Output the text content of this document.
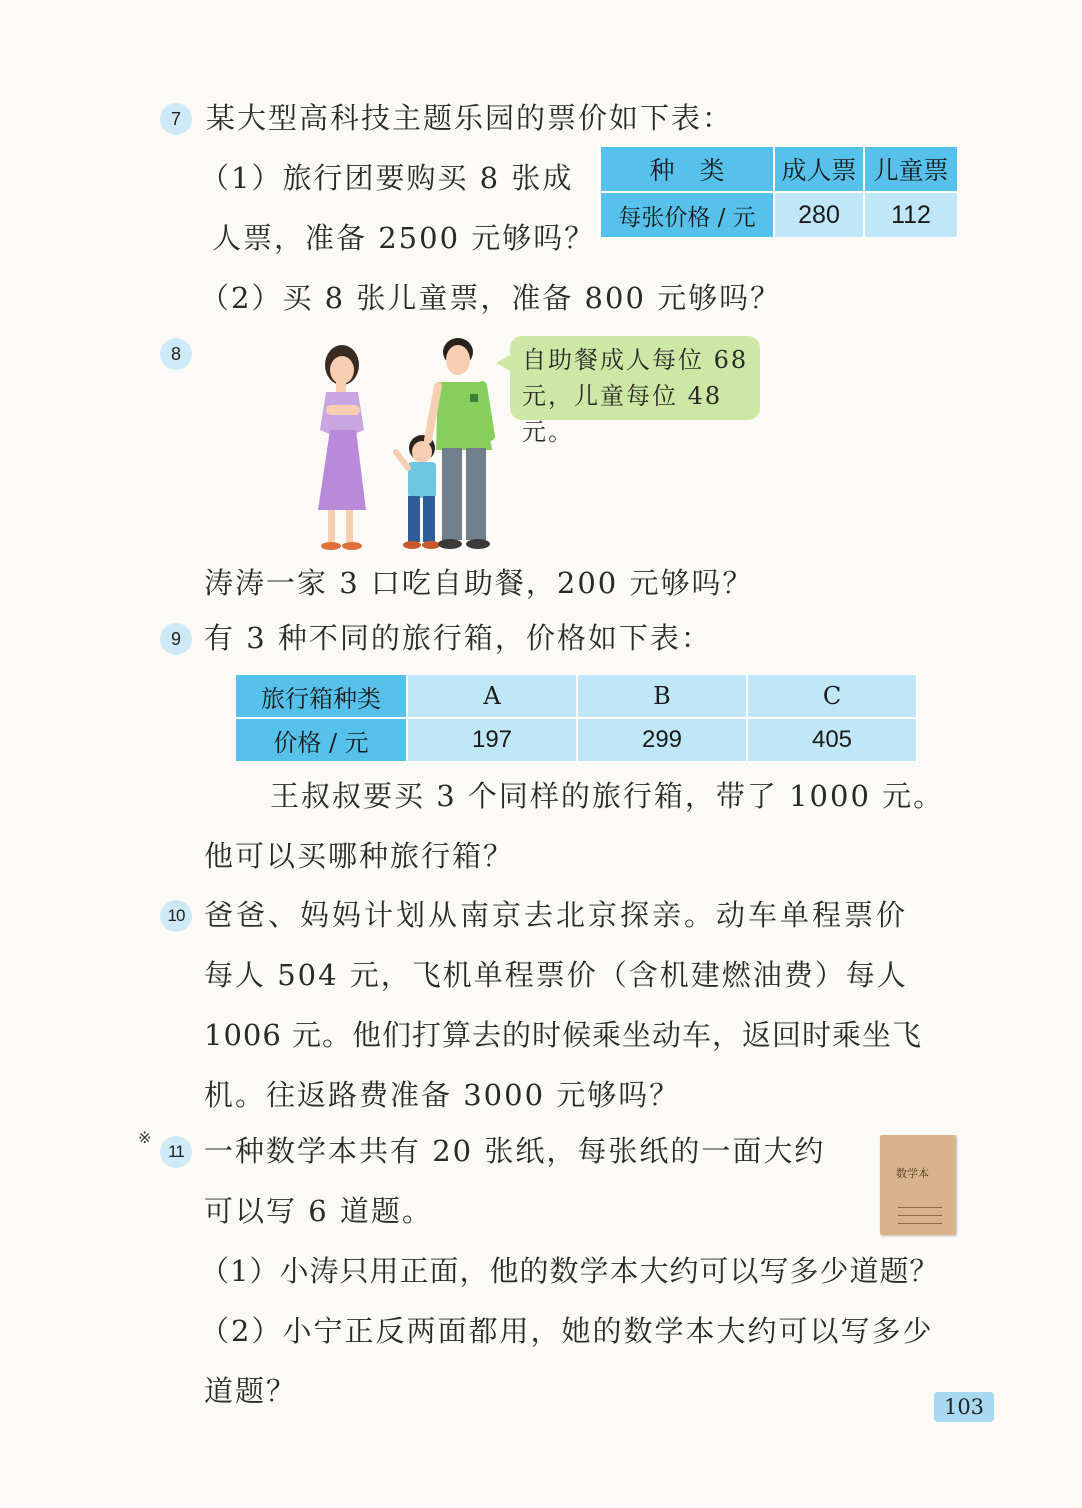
7 某大型高科技主题乐园的票价如下表：
（1）旅行团要购买 8 张成
人票，准备 2500 元够吗？
（2）买 8 张儿童票，准备 800 元够吗？
种　类	成人票	儿童票
每张价格 / 元	280	112
8	自助餐成人每位 68
元，儿童每位 48 元。
涛涛一家 3 口吃自助餐，200 元够吗？
9 有 3 种不同的旅行箱，价格如下表：
旅行箱种类	A	B	C
价格 / 元	197	299	405
王叔叔要买 3 个同样的旅行箱，带了 1000 元。
他可以买哪种旅行箱？
10 爸爸、妈妈计划从南京去北京探亲。动车单程票价
每人 504 元，飞机单程票价（含机建燃油费）每人
1006 元。他们打算去的时候乘坐动车，返回时乘坐飞
机。往返路费准备 3000 元够吗？
※
11 一种数学本共有 20 张纸，每张纸的一面大约
可以写 6 道题。
数学本
（1）小涛只用正面，他的数学本大约可以写多少道题？
（2）小宁正反两面都用，她的数学本大约可以写多少
道题？	103
